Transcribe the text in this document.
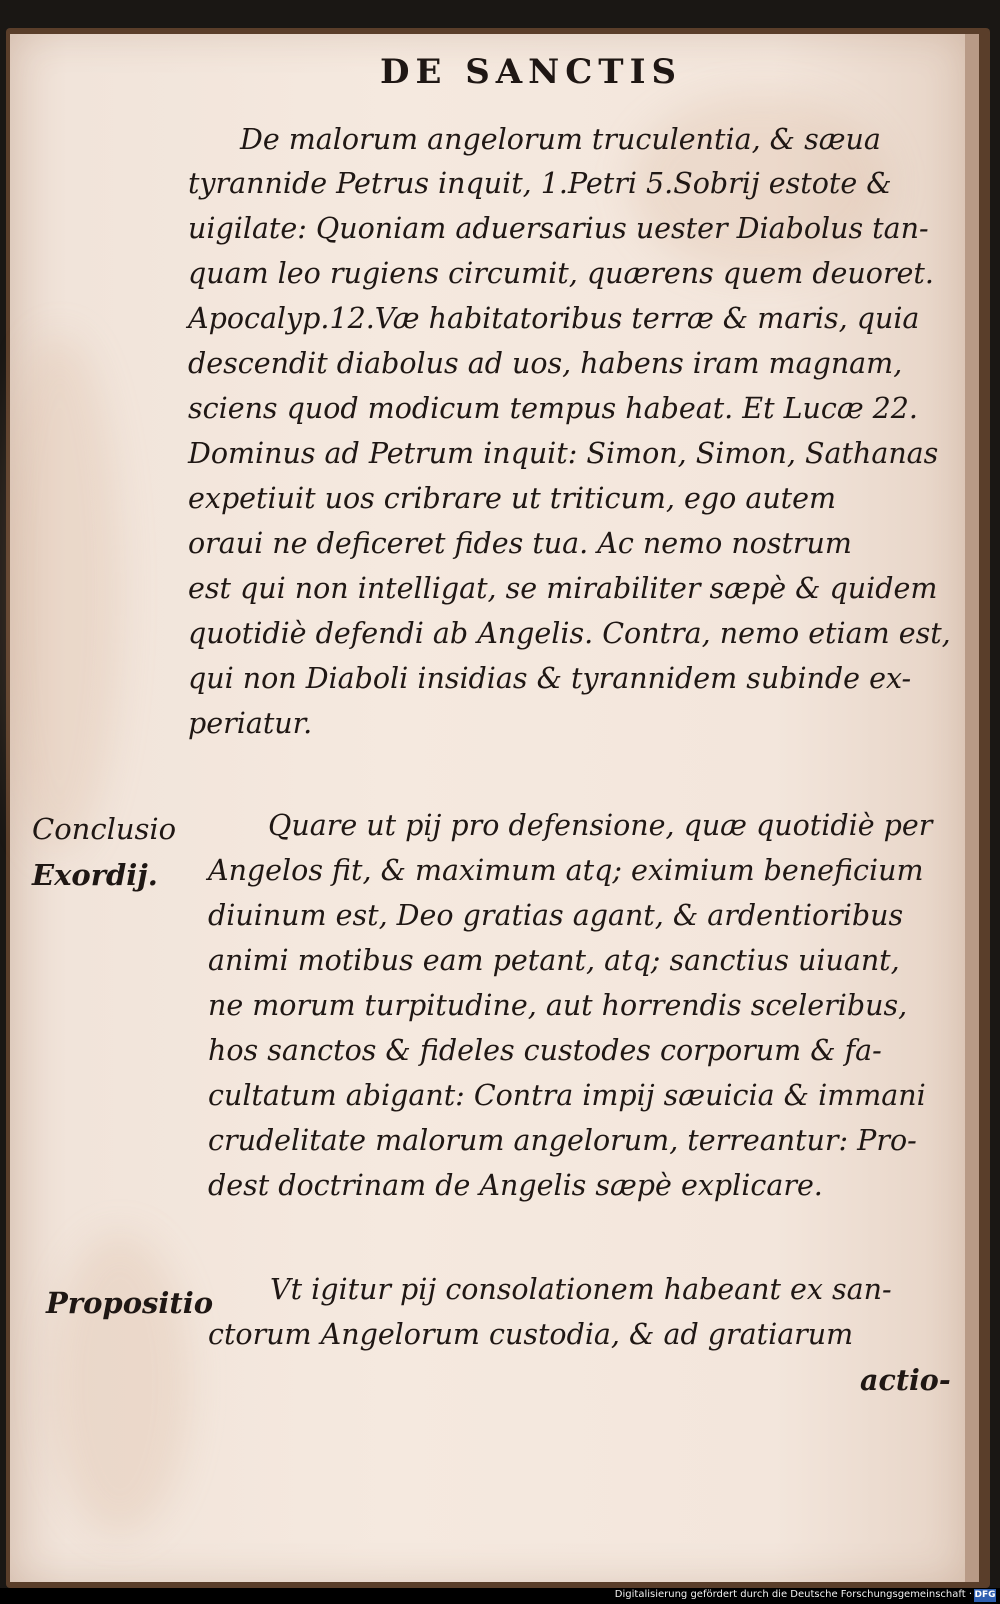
DE SANCTIS
De malorum angelorum truculentia, & sæua
tyrannide Petrus inquit, 1.Petri 5.Sobrij estote &
uigilate: Quoniam aduersarius uester Diabolus tan-
quam leo rugiens circumit, quærens quem deuoret.
Apocalyp.12.Væ habitatoribus terræ & maris, quia
descendit diabolus ad uos, habens iram magnam,
sciens quod modicum tempus habeat. Et Lucæ 22.
Dominus ad Petrum inquit: Simon, Simon, Sathanas
expetiuit uos cribrare ut triticum, ego autem
oraui ne deficeret fides tua. Ac nemo nostrum
est qui non intelligat, se mirabiliter sæpè & quidem
quotidiè defendi ab Angelis. Contra, nemo etiam est,
qui non Diaboli insidias & tyrannidem subinde ex-
periatur.
Conclusio
Exordij.
Propositio
Quare ut pij pro defensione, quæ quotidiè per
Angelos fit, & maximum atq; eximium beneficium
diuinum est, Deo gratias agant, & ardentioribus
animi motibus eam petant, atq; sanctius uiuant,
ne morum turpitudine, aut horrendis sceleribus,
hos sanctos & fideles custodes corporum & fa-
cultatum abigant: Contra impij sæuicia & immani
crudelitate malorum angelorum, terreantur: Pro-
dest doctrinam de Angelis sæpè explicare.
Vt igitur pij consolationem habeant ex san-
ctorum Angelorum custodia, & ad gratiarum
actio-
Digitalisierung gefördert durch die Deutsche Forschungsgemeinschaft · DFG
